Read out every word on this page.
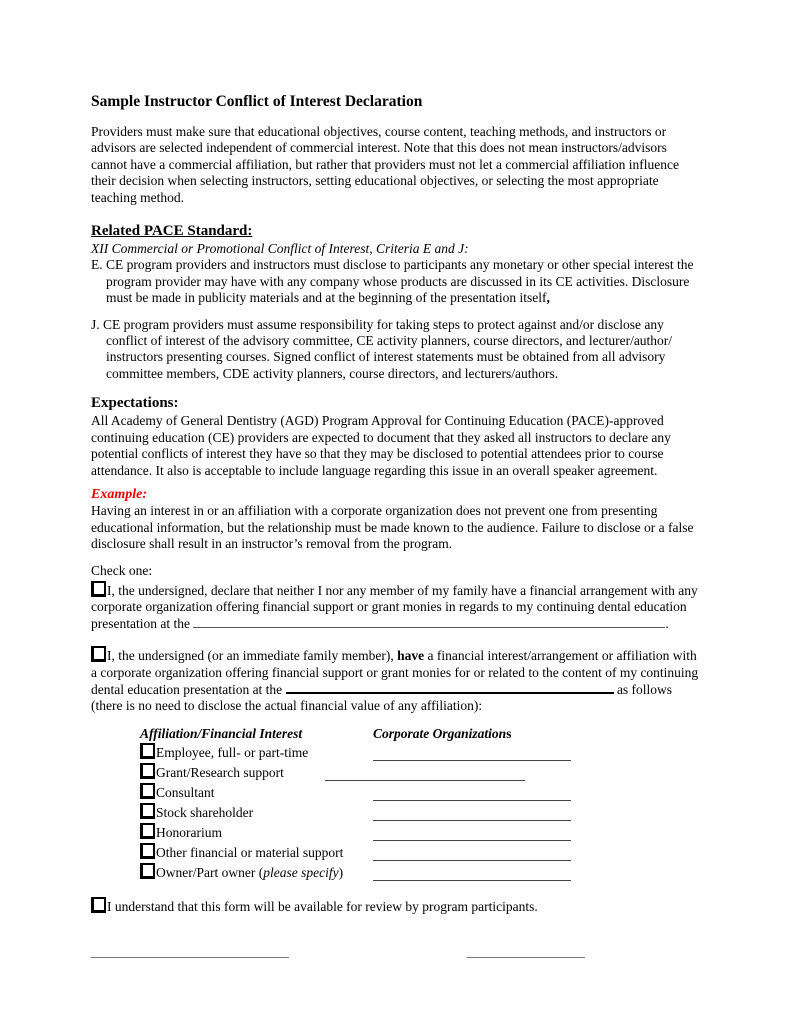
Sample Instructor Conflict of Interest Declaration

Providers must make sure that educational objectives, course content, teaching methods, and instructors or advisors are selected independent of commercial interest. Note that this does not mean instructors/advisors cannot have a commercial affiliation, but rather that providers must not let a commercial affiliation influence their decision when selecting instructors, setting educational objectives, or selecting the most appropriate teaching method.

Related PACE Standard:

XII Commercial or Promotional Conflict of Interest, Criteria E and J:

E. CE program providers and instructors must disclose to participants any monetary or other special interest the program provider may have with any company whose products are discussed in its CE activities. Disclosure must be made in publicity materials and at the beginning of the presentation itself,

J. CE program providers must assume responsibility for taking steps to protect against and/or disclose any conflict of interest of the advisory committee, CE activity planners, course directors, and lecturer/author/ instructors presenting courses. Signed conflict of interest statements must be obtained from all advisory committee members, CDE activity planners, course directors, and lecturers/authors.

Expectations:

All Academy of General Dentistry (AGD) Program Approval for Continuing Education (PACE)-approved continuing education (CE) providers are expected to document that they asked all instructors to declare any potential conflicts of interest they have so that they may be disclosed to potential attendees prior to course attendance. It also is acceptable to include language regarding this issue in an overall speaker agreement.

Example:

Having an interest in or an affiliation with a corporate organization does not prevent one from presenting educational information, but the relationship must be made known to the audience. Failure to disclose or a false disclosure shall result in an instructor’s removal from the program.

Check one:

I, the undersigned, declare that neither I nor any member of my family have a financial arrangement with any corporate organization offering financial support or grant monies in regards to my continuing dental education presentation at the	.

I, the undersigned (or an immediate family member), have a financial interest/arrangement or affiliation with a corporate organization offering financial support or grant monies for or related to the content of my continuing dental education presentation at the	as follows (there is no need to disclose the actual financial value of any affiliation):

Affiliation/Financial Interest	Corporate Organizations
Employee, full- or part-time
Grant/Research support
Consultant
Stock shareholder
Honorarium
Other financial or material support
Owner/Part owner (please specify)

I understand that this form will be available for review by program participants.
